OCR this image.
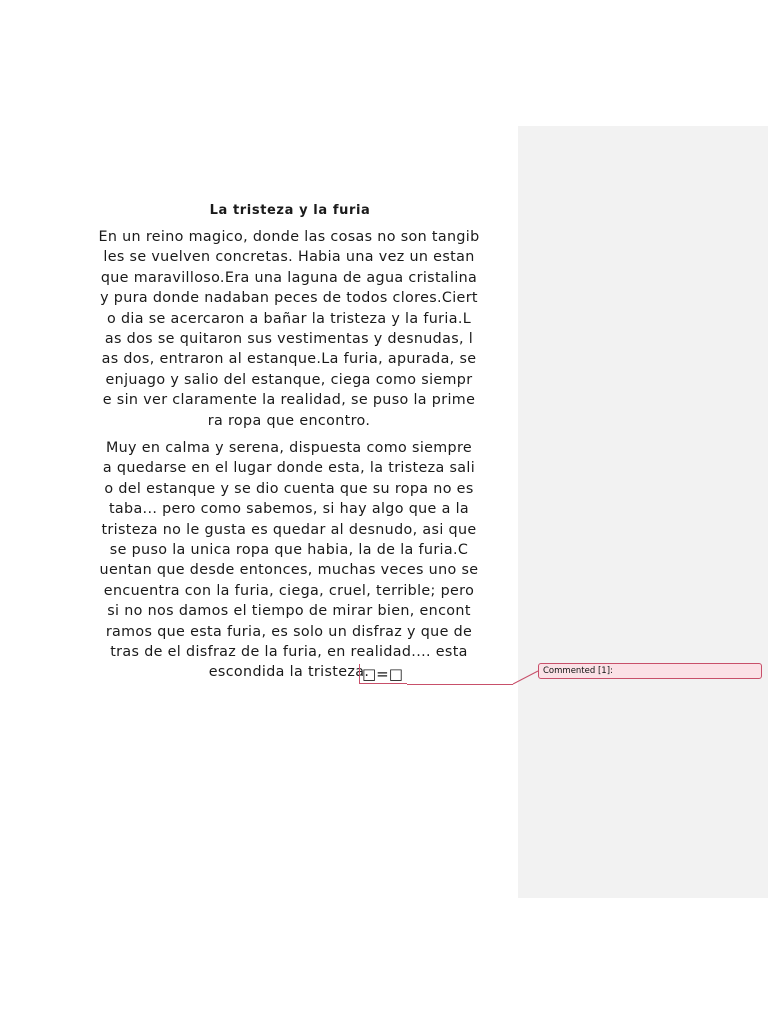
La tristeza y la furia

En un reino magico, donde las cosas no son tangib
les se vuelven concretas. Habia una vez un estan
que maravilloso.Era una laguna de agua cristalina
y pura donde nadaban peces de todos clores.Ciert
o dia se acercaron a bañar la tristeza y la furia.L
as dos se quitaron sus vestimentas y desnudas, l
as dos, entraron al estanque.La furia, apurada, se
enjuago y salio del estanque, ciega como siempr
e sin ver claramente la realidad, se puso la prime
ra ropa que encontro.

Muy en calma y serena, dispuesta como siempre
a quedarse en el lugar donde esta, la tristeza sali
o del estanque y se dio cuenta que su ropa no es
taba... pero como sabemos, si hay algo que a la
tristeza no le gusta es quedar al desnudo, asi que
se puso la unica ropa que habia, la de la furia.C
uentan que desde entonces, muchas veces uno se
encuentra con la furia, ciega, cruel, terrible; pero
si no nos damos el tiempo de mirar bien, encont
ramos que esta furia, es solo un disfraz y que de
tras de el disfraz de la furia, en realidad.... esta
escondida la tristeza.

□=□	Commented [1]:
